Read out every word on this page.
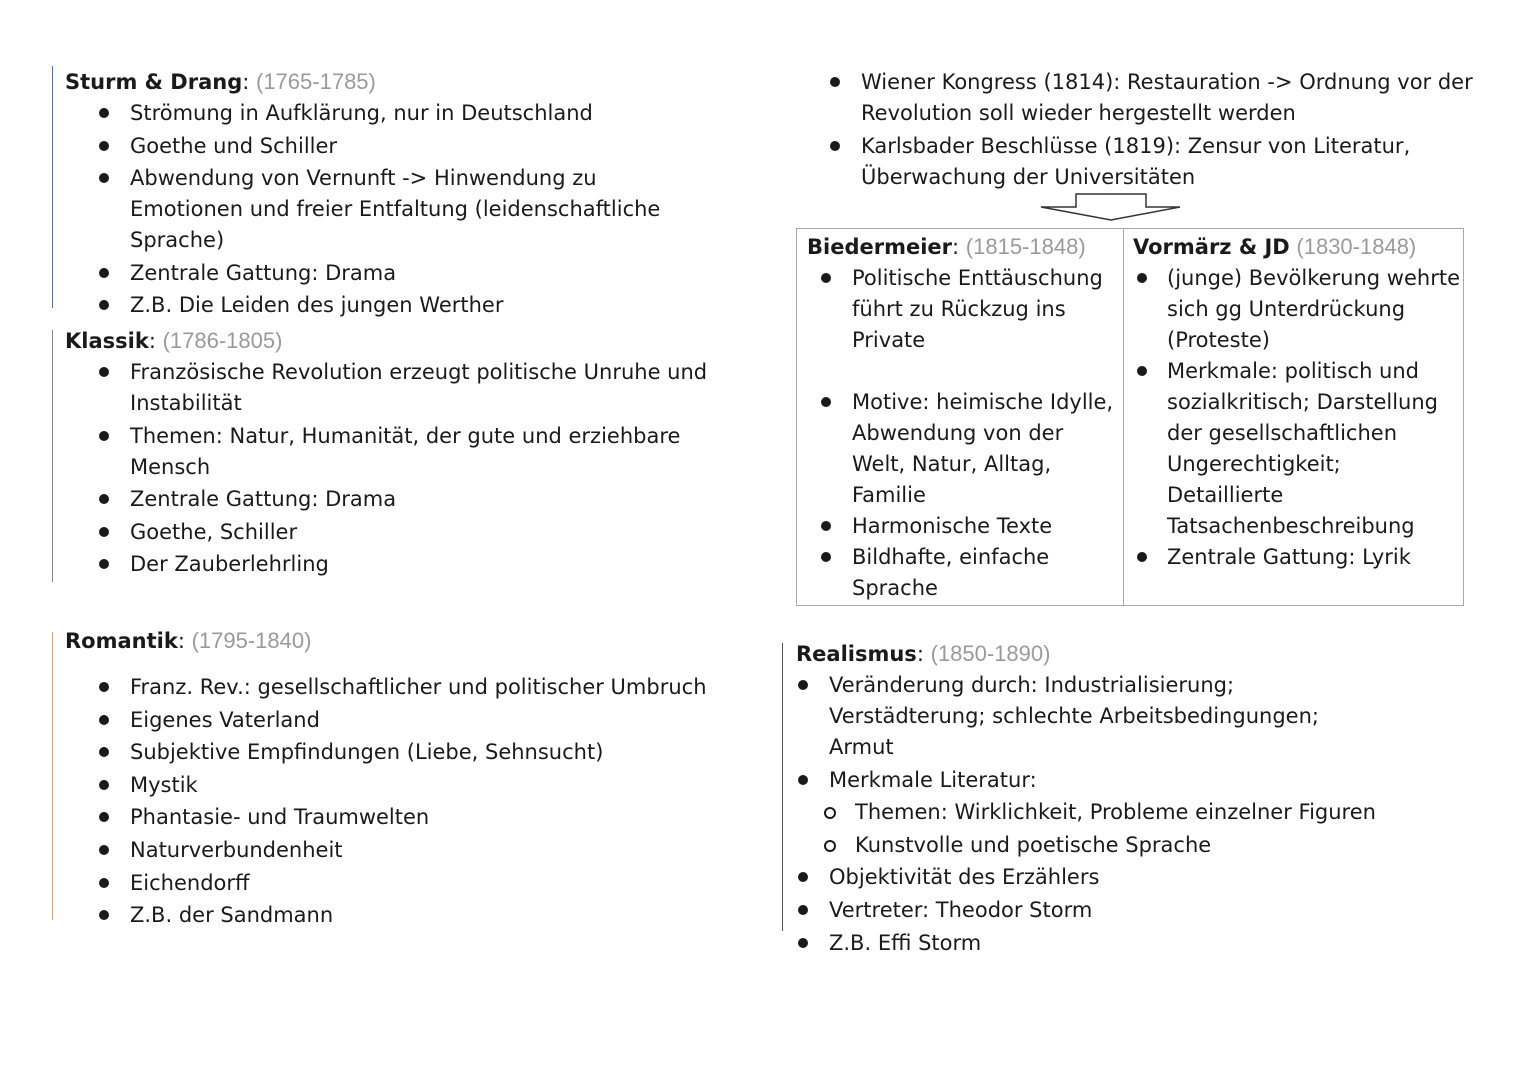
Sturm & Drang: (1765-1785)
Strömung in Aufklärung, nur in Deutschland
Goethe und Schiller
Abwendung von Vernunft -> Hinwendung zu Emotionen und freier Entfaltung (leidenschaftliche Sprache)
Zentrale Gattung: Drama
Z.B. Die Leiden des jungen Werther
Klassik: (1786-1805)
Französische Revolution erzeugt politische Unruhe und Instabilität
Themen: Natur, Humanität, der gute und erziehbare Mensch
Zentrale Gattung: Drama
Goethe, Schiller
Der Zauberlehrling
Romantik: (1795-1840)
Franz. Rev.: gesellschaftlicher und politischer Umbruch
Eigenes Vaterland
Subjektive Empfindungen (Liebe, Sehnsucht)
Mystik
Phantasie- und Traumwelten
Naturverbundenheit
Eichendorff
Z.B. der Sandmann
Wiener Kongress (1814): Restauration -> Ordnung vor der Revolution soll wieder hergestellt werden
Karlsbader Beschlüsse (1819): Zensur von Literatur, Überwachung der Universitäten
Biedermeier: (1815-1848)
Politische Enttäuschung führt zu Rückzug ins Private
Motive: heimische Idylle, Abwendung von der Welt, Natur, Alltag, Familie
Harmonische Texte
Bildhafte, einfache Sprache
Vormärz & JD (1830-1848)
(junge) Bevölkerung wehrte sich gg Unterdrückung (Proteste)
Merkmale: politisch und sozialkritisch; Darstellung der gesellschaftlichen Ungerechtigkeit; Detaillierte Tatsachenbeschreibung
Zentrale Gattung: Lyrik
Realismus: (1850-1890)
Veränderung durch: Industrialisierung; Verstädterung; schlechte Arbeitsbedingungen; Armut
Merkmale Literatur:
Themen: Wirklichkeit, Probleme einzelner Figuren
Kunstvolle und poetische Sprache
Objektivität des Erzählers
Vertreter: Theodor Storm
Z.B. Effi Storm
